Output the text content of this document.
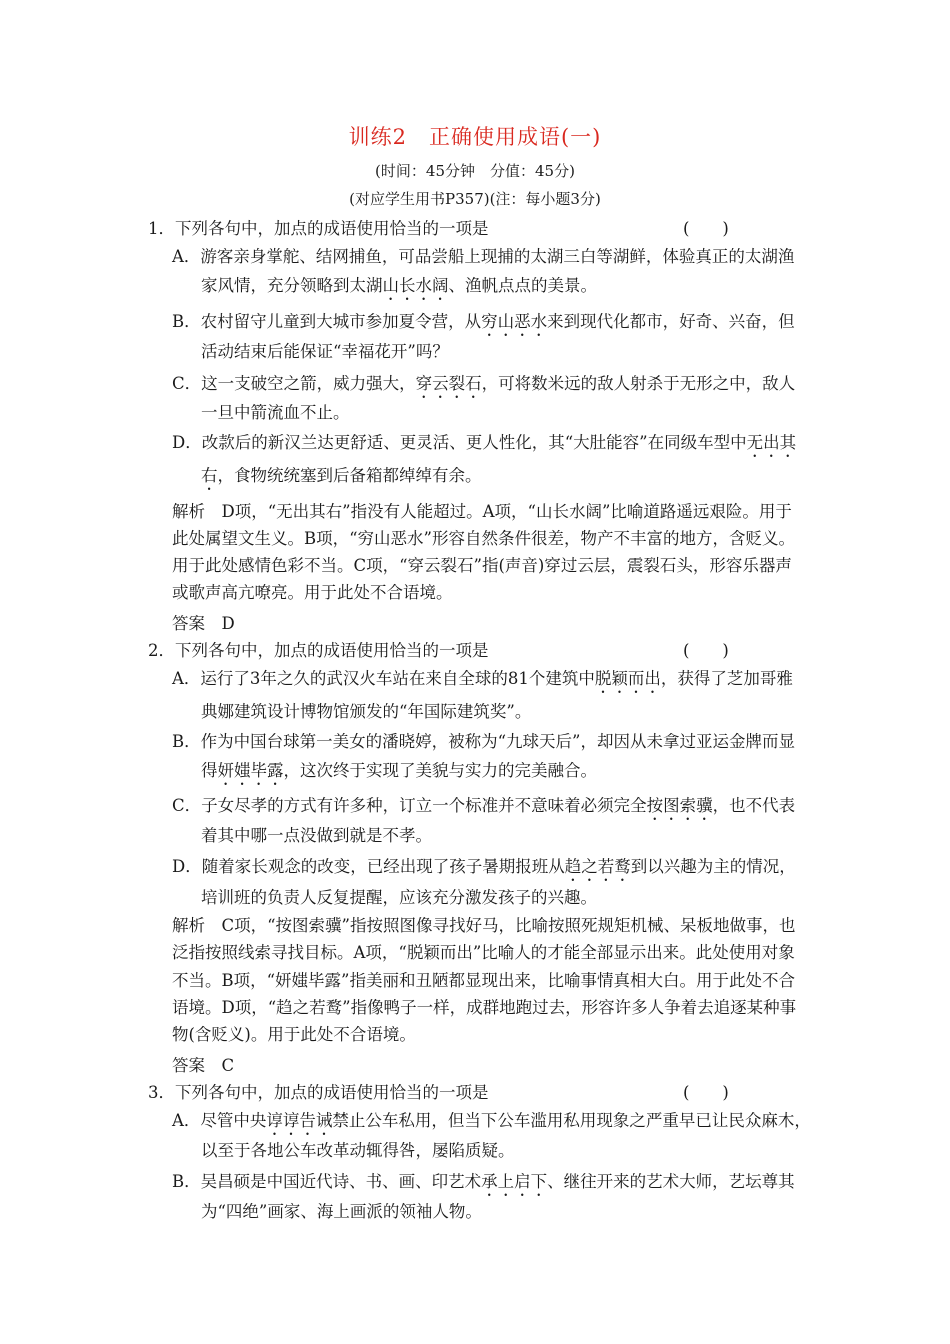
训练2　正确使用成语(一)
(时间：45分钟　分值：45分)
(对应学生用书P357)(注：每小题3分)
1．下列各句中，加点的成语使用恰当的一项是	(　　)
A．游客亲身掌舵、结网捕鱼，可品尝船上现捕的太湖三白等湖鲜，体验真正的太湖渔
家风情，充分领略到太湖山长水阔、渔帆点点的美景。
B．农村留守儿童到大城市参加夏令营，从穷山恶水来到现代化都市，好奇、兴奋，但
活动结束后能保证“幸福花开”吗？
C．这一支破空之箭，威力强大，穿云裂石，可将数米远的敌人射杀于无形之中，敌人
一旦中箭流血不止。
D．改款后的新汉兰达更舒适、更灵活、更人性化，其“大肚能容”在同级车型中无出其
右，食物统统塞到后备箱都绰绰有余。
解析　D项，“无出其右”指没有人能超过。A项，“山长水阔”比喻道路遥远艰险。用于
此处属望文生义。B项，“穷山恶水”形容自然条件很差，物产不丰富的地方，含贬义。
用于此处感情色彩不当。C项，“穿云裂石”指(声音)穿过云层，震裂石头，形容乐器声
或歌声高亢嘹亮。用于此处不合语境。
答案　D
2．下列各句中，加点的成语使用恰当的一项是	(　　)
A．运行了3年之久的武汉火车站在来自全球的81个建筑中脱颖而出，获得了芝加哥雅
典娜建筑设计博物馆颁发的“年国际建筑奖”。
B．作为中国台球第一美女的潘晓婷，被称为“九球天后”，却因从未拿过亚运金牌而显
得妍媸毕露，这次终于实现了美貌与实力的完美融合。
C．子女尽孝的方式有许多种，订立一个标准并不意味着必须完全按图索骥，也不代表
着其中哪一点没做到就是不孝。
D．随着家长观念的改变，已经出现了孩子暑期报班从趋之若鹜到以兴趣为主的情况，
培训班的负责人反复提醒，应该充分激发孩子的兴趣。
解析　C项，“按图索骥”指按照图像寻找好马，比喻按照死规矩机械、呆板地做事，也
泛指按照线索寻找目标。A项，“脱颖而出”比喻人的才能全部显示出来。此处使用对象
不当。B项，“妍媸毕露”指美丽和丑陋都显现出来，比喻事情真相大白。用于此处不合
语境。D项，“趋之若鹜”指像鸭子一样，成群地跑过去，形容许多人争着去追逐某种事
物(含贬义)。用于此处不合语境。
答案　C
3．下列各句中，加点的成语使用恰当的一项是	(　　)
A．尽管中央谆谆告诫禁止公车私用，但当下公车滥用私用现象之严重早已让民众麻木，
以至于各地公车改革动辄得咎，屡陷质疑。
B．吴昌硕是中国近代诗、书、画、印艺术承上启下、继往开来的艺术大师，艺坛尊其
为“四绝”画家、海上画派的领袖人物。
